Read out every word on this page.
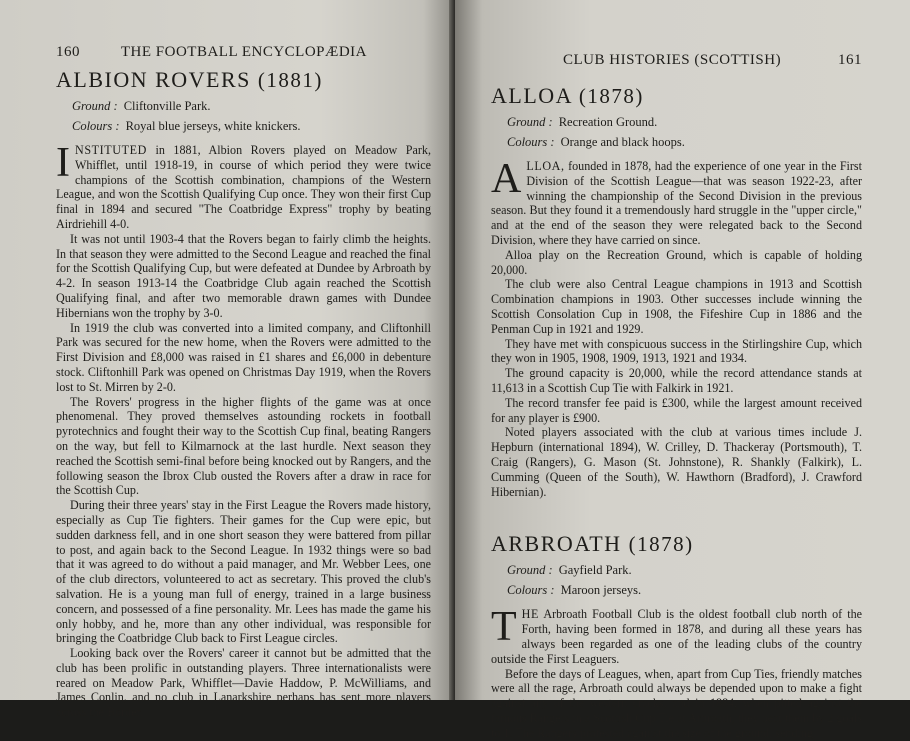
160	THE FOOTBALL ENCYCLOPÆDIA
ALBION ROVERS (1881)
Ground : Cliftonville Park.
Colours : Royal blue jerseys, white knickers.

INSTITUTED in 1881, Albion Rovers played on Meadow Park, Whifflet, until 1918-19, in course of which period they were twice champions of the Scottish combination, champions of the Western League, and won the Scottish Qualifying Cup once. They won their first Cup final in 1894 and secured "The Coatbridge Express" trophy by beating Airdriehill 4-0.

It was not until 1903-4 that the Rovers began to fairly climb the heights. In that season they were admitted to the Second League and reached the final for the Scottish Qualifying Cup, but were defeated at Dundee by Arbroath by 4-2. In season 1913-14 the Coatbridge Club again reached the Scottish Qualifying final, and after two memorable drawn games with Dundee Hibernians won the trophy by 3-0.

In 1919 the club was converted into a limited company, and Cliftonhill Park was secured for the new home, when the Rovers were admitted to the First Division and £8,000 was raised in £1 shares and £6,000 in debenture stock. Cliftonhill Park was opened on Christmas Day 1919, when the Rovers lost to St. Mirren by 2-0.

The Rovers' progress in the higher flights of the game was at once phenomenal. They proved themselves astounding rockets in football pyrotechnics and fought their way to the Scottish Cup final, beating Rangers on the way, but fell to Kilmarnock at the last hurdle. Next season they reached the Scottish semi-final before being knocked out by Rangers, and the following season the Ibrox Club ousted the Rovers after a draw in race for the Scottish Cup.

During their three years' stay in the First League the Rovers made history, especially as Cup Tie fighters. Their games for the Cup were epic, but sudden darkness fell, and in one short season they were battered from pillar to post, and again back to the Second League. In 1932 things were so bad that it was agreed to do without a paid manager, and Mr. Webber Lees, one of the club directors, volunteered to act as secretary. This proved the club's salvation. He is a young man full of energy, trained in a large business concern, and possessed of a fine personality. Mr. Lees has made the game his only hobby, and he, more than any other individual, was responsible for bringing the Coatbridge Club back to First League circles.

Looking back over the Rovers' career it cannot but be admitted that the club has been prolific in outstanding players. Three internationalists were reared on Meadow Park, Whifflet—Davie Haddow, P. McWilliams, and James Conlin, and no club in Lanarkshire perhaps has sent more players across the Border.

CLUB HISTORIES (SCOTTISH)	161
ALLOA (1878)
Ground : Recreation Ground.
Colours : Orange and black hoops.

ALLOA, founded in 1878, had the experience of one year in the First Division of the Scottish League—that was season 1922-23, after winning the championship of the Second Division in the previous season. But they found it a tremendously hard struggle in the "upper circle," and at the end of the season they were relegated back to the Second Division, where they have carried on since.

Alloa play on the Recreation Ground, which is capable of holding 20,000.

The club were also Central League champions in 1913 and Scottish Combination champions in 1903. Other successes include winning the Scottish Consolation Cup in 1908, the Fifeshire Cup in 1886 and the Penman Cup in 1921 and 1929.

They have met with conspicuous success in the Stirlingshire Cup, which they won in 1905, 1908, 1909, 1913, 1921 and 1934.

The ground capacity is 20,000, while the record attendance stands at 11,613 in a Scottish Cup Tie with Falkirk in 1921.

The record transfer fee paid is £300, while the largest amount received for any player is £900.

Noted players associated with the club at various times include J. Hepburn (international 1894), W. Crilley, D. Thackeray (Portsmouth), T. Craig (Rangers), G. Mason (St. Johnstone), R. Shankly (Falkirk), L. Cumming (Queen of the South), W. Hawthorn (Bradford), J. Crawford Hibernian).

ARBROATH (1878)
Ground : Gayfield Park.
Colours : Maroon jerseys.

THE Arbroath Football Club is the oldest football club north of the Forth, having been formed in 1878, and during all these years has always been regarded as one of the leading clubs of the country outside the First Leaguers.

Before the days of Leagues, when, apart from Cup Ties, friendly matches were all the rage, Arbroath could always be depended upon to make a fight against any of the western cracks, and in 1884, when pitted against the famous Rangers in a Scottish Cup Tie at Arbroath, they beat them by 2 goals to 1. The Rangers protested against the size of the ground, sending
